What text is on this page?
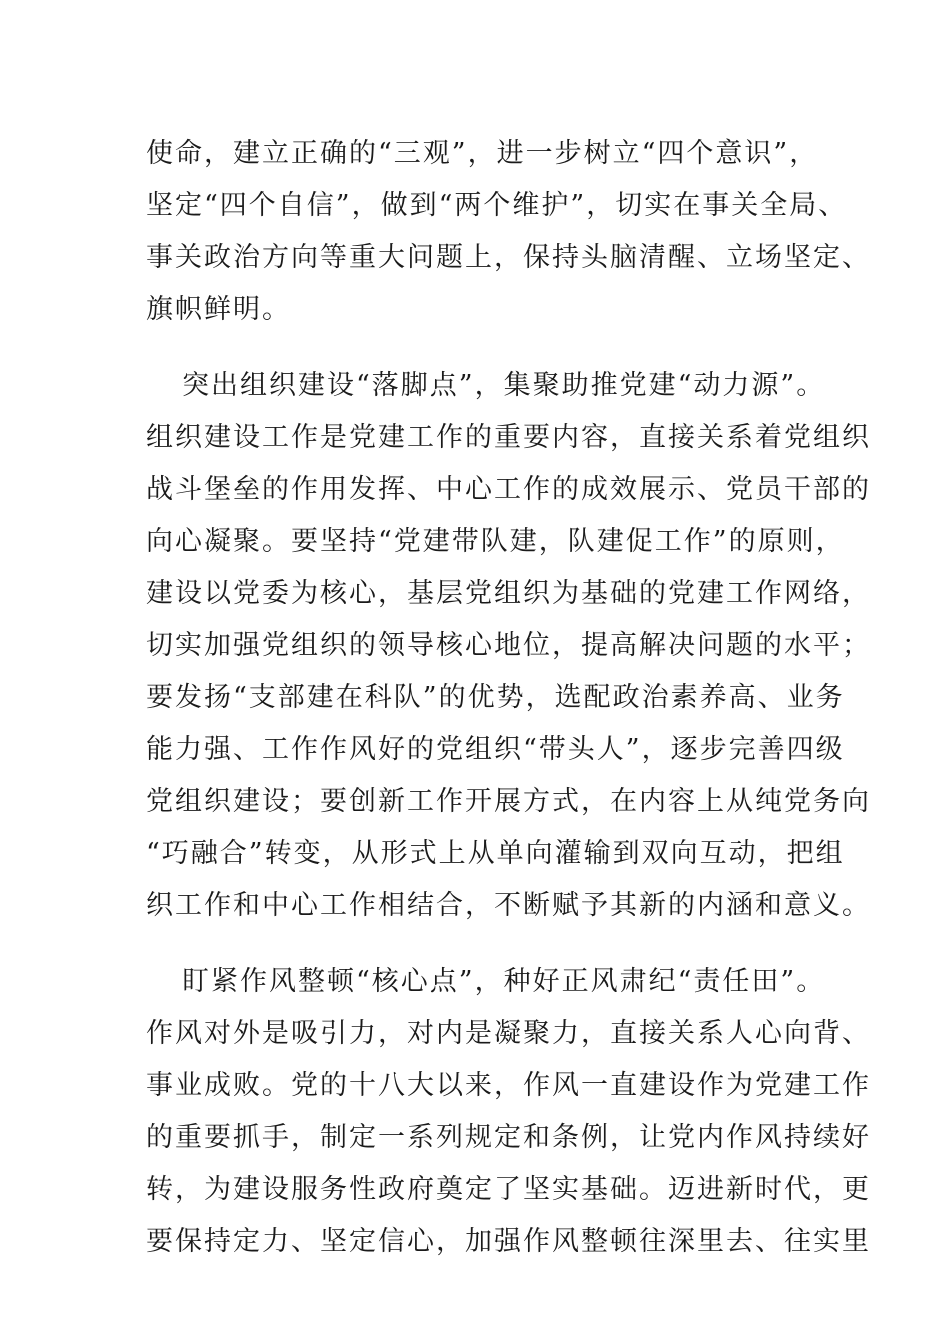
使命，建立正确的“三观”，进一步树立“四个意识”，
坚定“四个自信”，做到“两个维护”，切实在事关全局、
事关政治方向等重大问题上，保持头脑清醒、立场坚定、
旗帜鲜明。
突出组织建设“落脚点”，集聚助推党建“动力源”。
组织建设工作是党建工作的重要内容，直接关系着党组织
战斗堡垒的作用发挥、中心工作的成效展示、党员干部的
向心凝聚。要坚持“党建带队建，队建促工作”的原则，
建设以党委为核心，基层党组织为基础的党建工作网络，
切实加强党组织的领导核心地位，提高解决问题的水平；
要发扬“支部建在科队”的优势，选配政治素养高、业务
能力强、工作作风好的党组织“带头人”，逐步完善四级
党组织建设；要创新工作开展方式，在内容上从纯党务向
“巧融合”转变，从形式上从单向灌输到双向互动，把组
织工作和中心工作相结合，不断赋予其新的内涵和意义。
盯紧作风整顿“核心点”，种好正风肃纪“责任田”。
作风对外是吸引力，对内是凝聚力，直接关系人心向背、
事业成败。党的十八大以来，作风一直建设作为党建工作
的重要抓手，制定一系列规定和条例，让党内作风持续好
转，为建设服务性政府奠定了坚实基础。迈进新时代，更
要保持定力、坚定信心，加强作风整顿往深里去、往实里
